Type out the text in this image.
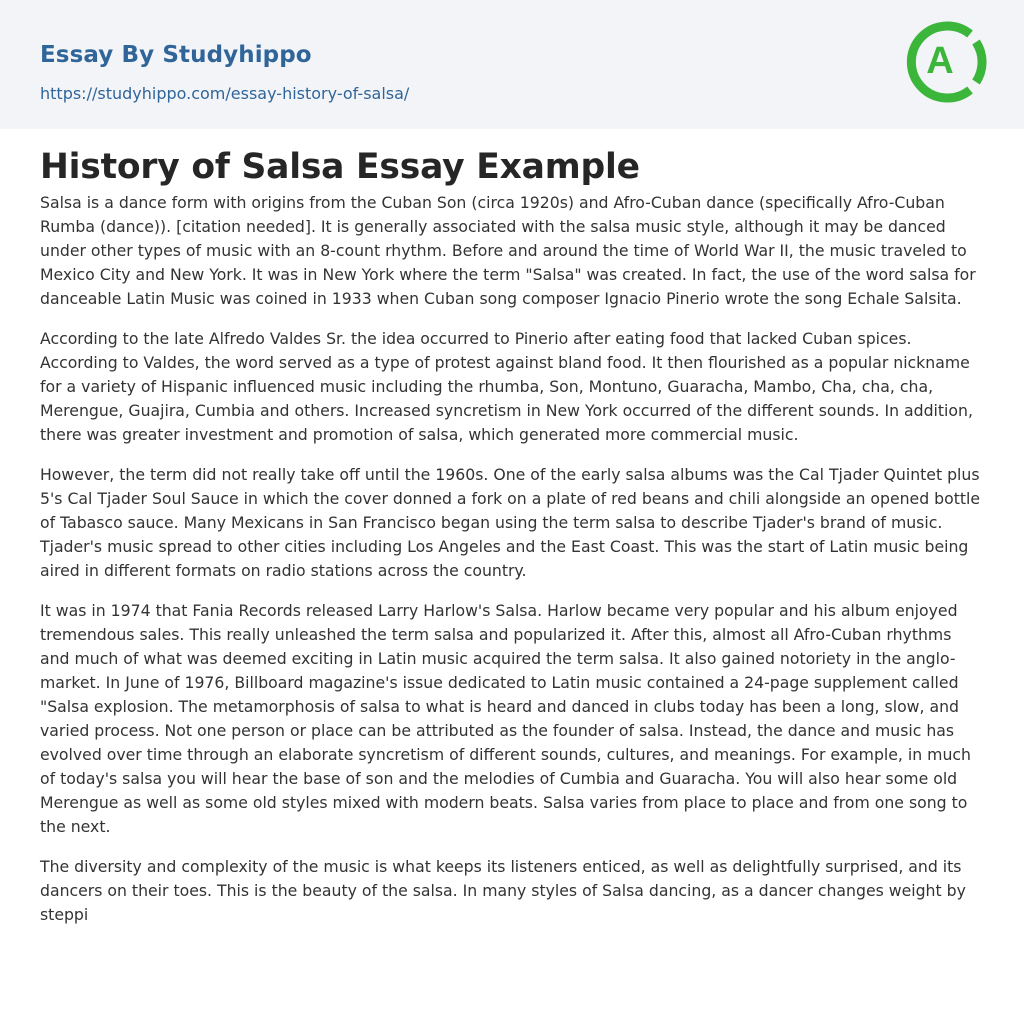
Essay By Studyhippo
https://studyhippo.com/essay-history-of-salsa/
A
History of Salsa Essay Example

Salsa is a dance form with origins from the Cuban Son (circa 1920s) and Afro-Cuban dance (specifically Afro-Cuban Rumba (dance)). [citation needed]. It is generally associated with the salsa music style, although it may be danced under other types of music with an 8-count rhythm. Before and around the time of World War II, the music traveled to Mexico City and New York. It was in New York where the term "Salsa" was created. In fact, the use of the word salsa for danceable Latin Music was coined in 1933 when Cuban song composer Ignacio Pinerio wrote the song Echale Salsita.

According to the late Alfredo Valdes Sr. the idea occurred to Pinerio after eating food that lacked Cuban spices. According to Valdes, the word served as a type of protest against bland food. It then flourished as a popular nickname for a variety of Hispanic influenced music including the rhumba, Son, Montuno, Guaracha, Mambo, Cha, cha, cha, Merengue, Guajira, Cumbia and others. Increased syncretism in New York occurred of the different sounds. In addition, there was greater investment and promotion of salsa, which generated more commercial music.

However, the term did not really take off until the 1960s. One of the early salsa albums was the Cal Tjader Quintet plus 5's Cal Tjader Soul Sauce in which the cover donned a fork on a plate of red beans and chili alongside an opened bottle of Tabasco sauce. Many Mexicans in San Francisco began using the term salsa to describe Tjader's brand of music. Tjader's music spread to other cities including Los Angeles and the East Coast. This was the start of Latin music being aired in different formats on radio stations across the country.

It was in 1974 that Fania Records released Larry Harlow's Salsa. Harlow became very popular and his album enjoyed tremendous sales. This really unleashed the term salsa and popularized it. After this, almost all Afro-Cuban rhythms and much of what was deemed exciting in Latin music acquired the term salsa. It also gained notoriety in the anglo-market. In June of 1976, Billboard magazine's issue dedicated to Latin music contained a 24-page supplement called "Salsa explosion. The metamorphosis of salsa to what is heard and danced in clubs today has been a long, slow, and varied process. Not one person or place can be attributed as the founder of salsa. Instead, the dance and music has evolved over time through an elaborate syncretism of different sounds, cultures, and meanings. For example, in much of today's salsa you will hear the base of son and the melodies of Cumbia and Guaracha. You will also hear some old Merengue as well as some old styles mixed with modern beats. Salsa varies from place to place and from one song to the next.

The diversity and complexity of the music is what keeps its listeners enticed, as well as delightfully surprised, and its dancers on their toes. This is the beauty of the salsa. In many styles of Salsa dancing, as a dancer changes weight by steppi
